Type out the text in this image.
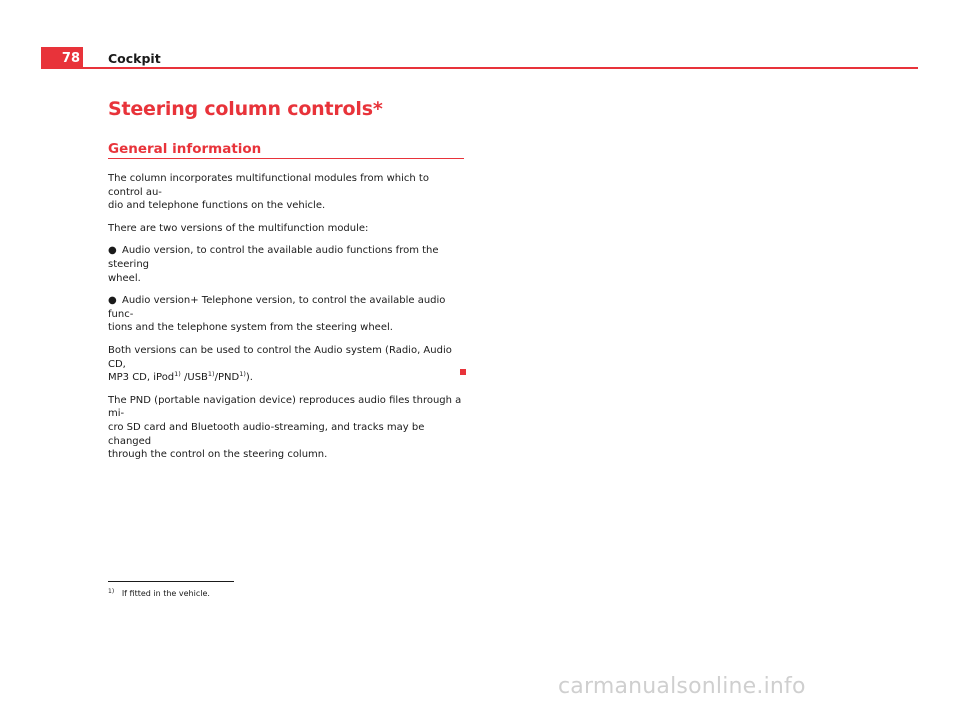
78 Cockpit
Steering column controls*
General information

The column incorporates multifunctional modules from which to control au-
dio and telephone functions on the vehicle.

There are two versions of the multifunction module:

● Audio version, to control the available audio functions from the steering
wheel.

● Audio version+ Telephone version, to control the available audio func-
tions and the telephone system from the steering wheel.

Both versions can be used to control the Audio system (Radio, Audio CD,
MP3 CD, iPod$^{1)}$ /USB$^{1)}$/PND$^{1)}$).

The PND (portable navigation device) reproduces audio files through a mi-
cro SD card and Bluetooth audio-streaming, and tracks may be changed
through the control on the steering column.

$^{1)}$ If fitted in the vehicle.
carmanualsonline.info
